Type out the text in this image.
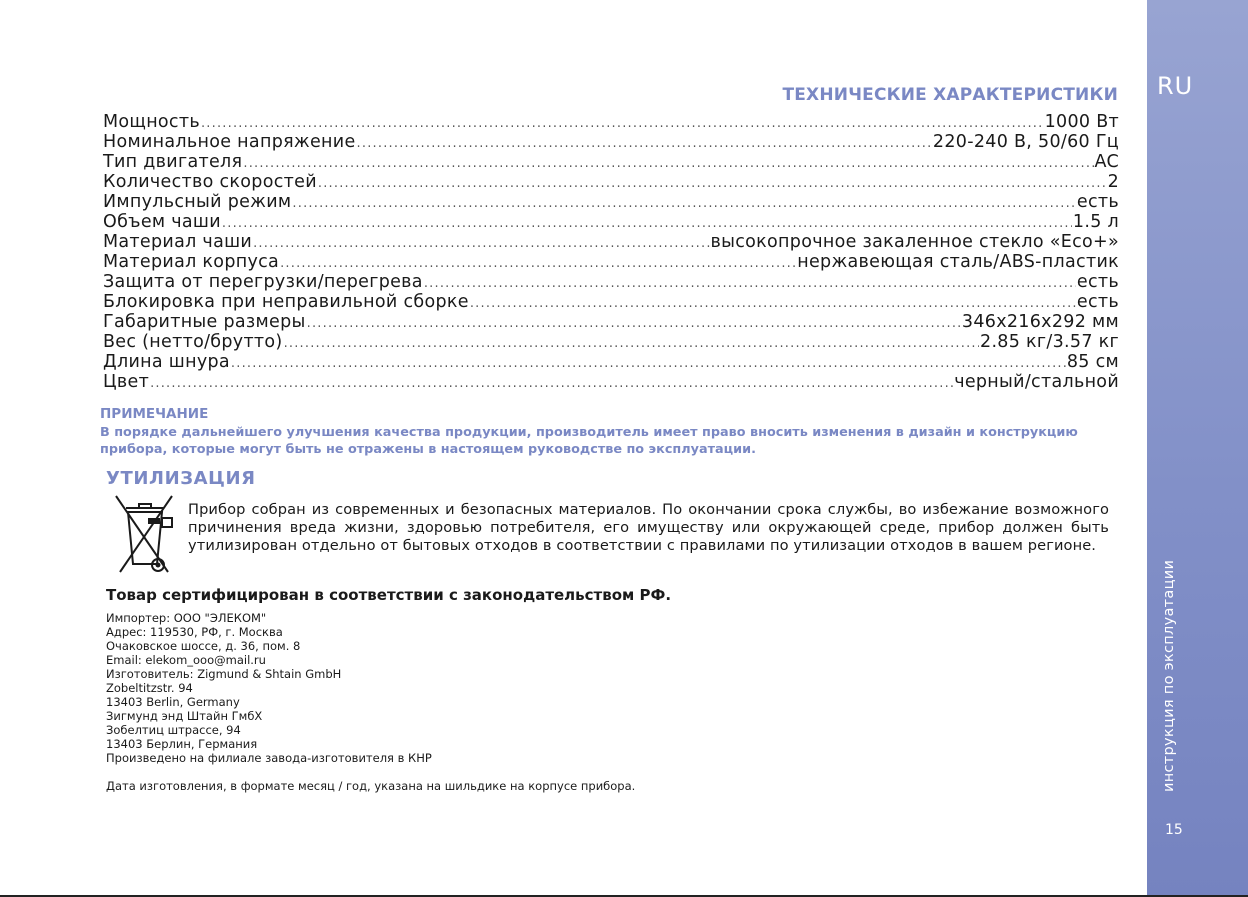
RU
инструкция по эксплуатации
15
ТЕХНИЧЕСКИЕ ХАРАКТЕРИСТИКИ
Мощность .....	1000 Вт
Номинальное напряжение .....	220-240 В, 50/60 Гц
Тип двигателя .....	AC
Количество скоростей .....	2
Импульсный режим .....	есть
Объем чаши .....	1.5 л
Материал чаши .....	высокопрочное закаленное стекло «Eco+»
Материал корпуса .....	нержавеющая сталь/ABS-пластик
Защита от перегрузки/перегрева .....	есть
Блокировка при неправильной сборке .....	есть
Габаритные размеры .....	346x216x292 мм
Вес (нетто/брутто) .....	2.85 кг/3.57 кг
Длина шнура .....	85 см
Цвет .....	черный/стальной
ПРИМЕЧАНИЕ
В порядке дальнейшего улучшения качества продукции, производитель имеет право вносить изменения в дизайн и конструкцию прибора, которые могут быть не отражены в настоящем руководстве по эксплуатации.
УТИЛИЗАЦИЯ
Прибор собран из современных и безопасных материалов. По окончании срока службы, во избежание возможного причинения вреда жизни, здоровью потребителя, его имуществу или окружающей среде, прибор должен быть утилизирован отдельно от бытовых отходов в соответствии с правилами по утилизации отходов в вашем регионе.
Товар сертифицирован в соответствии с законодательством РФ.
Импортер: ООО "ЭЛЕКОМ"
Адрес: 119530, РФ, г. Москва
Очаковское шоссе, д. 36, пом. 8
Email: elekom_ooo@mail.ru
Изготовитель: Zigmund & Shtain GmbH
Zobeltitzstr. 94
13403 Berlin, Germany
Зигмунд энд Штайн ГмбХ
Зобелтиц штрассе, 94
13403 Берлин, Германия
Произведено на филиале завода-изготовителя в КНР
Дата изготовления, в формате месяц / год, указана на шильдике на корпусе прибора.
